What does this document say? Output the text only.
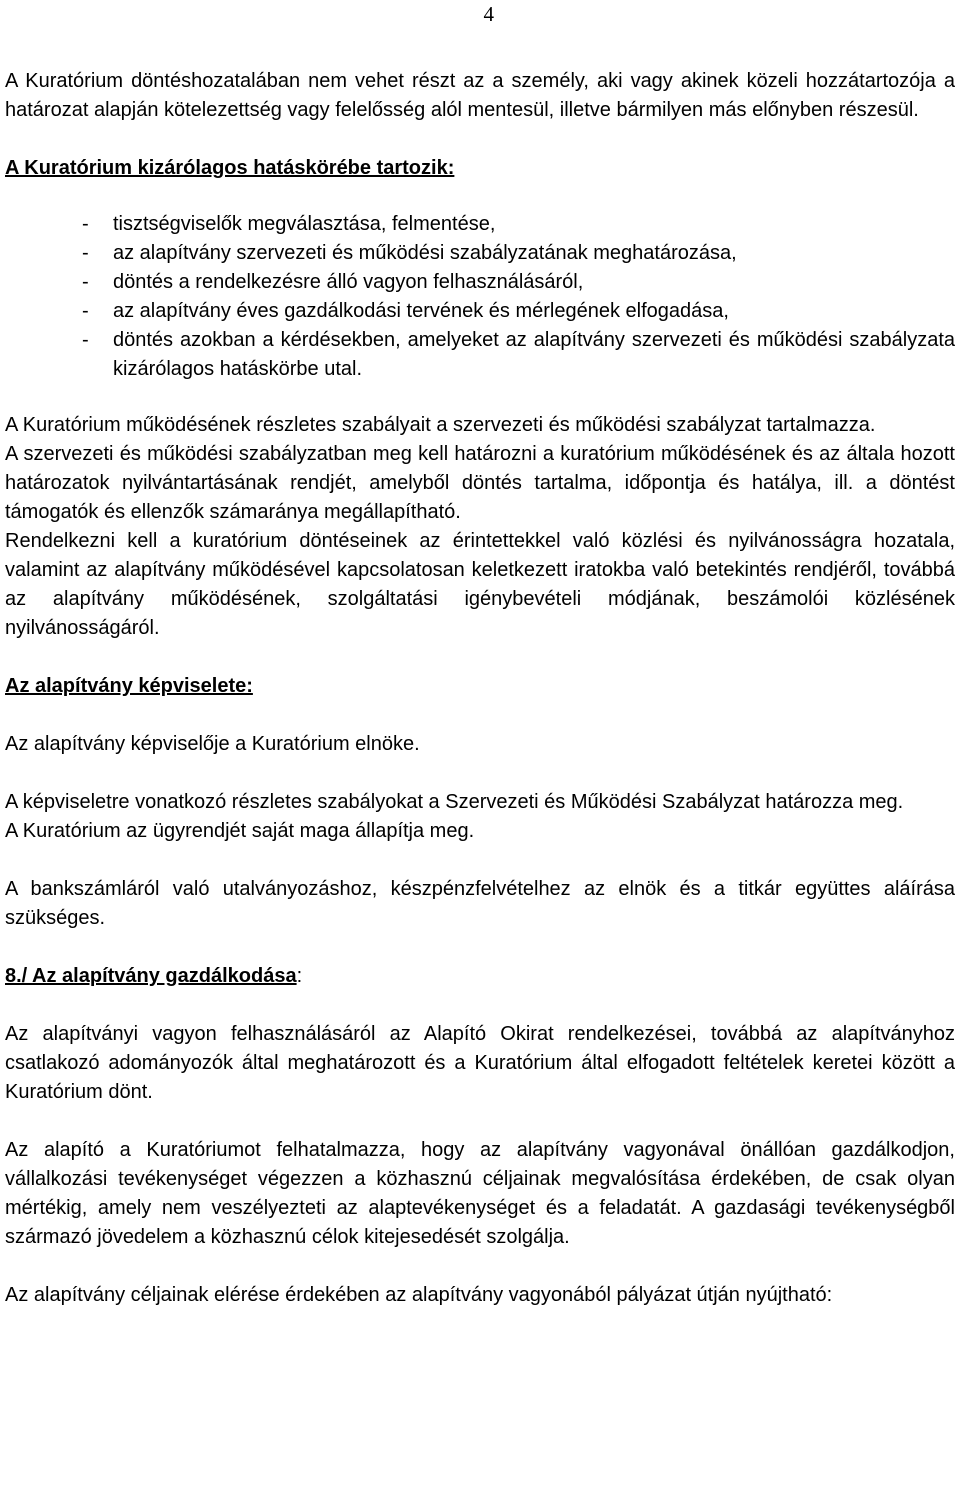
4

A Kuratórium döntéshozatalában nem vehet részt az a személy, aki vagy akinek közeli hozzátartozója a határozat alapján kötelezettség vagy felelősség alól mentesül, illetve bármilyen más előnyben részesül.

A Kuratórium kizárólagos hatáskörébe tartozik:

- tisztségviselők megválasztása, felmentése,
- az alapítvány szervezeti és működési szabályzatának meghatározása,
- döntés a rendelkezésre álló vagyon felhasználásáról,
- az alapítvány éves gazdálkodási tervének és mérlegének elfogadása,
- döntés azokban a kérdésekben, amelyeket az alapítvány szervezeti és működési szabályzata kizárólagos hatáskörbe utal.

A Kuratórium működésének részletes szabályait a szervezeti és működési szabályzat tartalmazza.

A szervezeti és működési szabályzatban meg kell határozni a kuratórium működésének és az általa hozott határozatok nyilvántartásának rendjét, amelyből döntés tartalma, időpontja és hatálya, ill. a döntést támogatók és ellenzők számaránya megállapítható.

Rendelkezni kell a kuratórium döntéseinek az érintettekkel való közlési és nyilvánosságra hozatala, valamint az alapítvány működésével kapcsolatosan keletkezett iratokba való betekintés rendjéről, továbbá az alapítvány működésének, szolgáltatási igénybevételi módjának, beszámolói közlésének nyilvánosságáról.

Az alapítvány képviselete:

Az alapítvány képviselője a Kuratórium elnöke.

A képviseletre vonatkozó részletes szabályokat a Szervezeti és Működési Szabályzat határozza meg.

A Kuratórium az ügyrendjét saját maga állapítja meg.

A bankszámláról való utalványozáshoz, készpénzfelvételhez az elnök és a titkár együttes aláírása szükséges.

8./ Az alapítvány gazdálkodása:

Az alapítványi vagyon felhasználásáról az Alapító Okirat rendelkezései, továbbá az alapítványhoz csatlakozó adományozók által meghatározott és a Kuratórium által elfogadott feltételek keretei között a Kuratórium dönt.

Az alapító a Kuratóriumot felhatalmazza, hogy az alapítvány vagyonával önállóan gazdálkodjon, vállalkozási tevékenységet végezzen a közhasznú céljainak megvalósítása érdekében, de csak olyan mértékig, amely nem veszélyezteti az alaptevékenységet és a feladatát. A gazdasági tevékenységből származó jövedelem a közhasznú célok kitejesedését szolgálja.

Az alapítvány céljainak elérése érdekében az alapítvány vagyonából pályázat útján nyújtható:
